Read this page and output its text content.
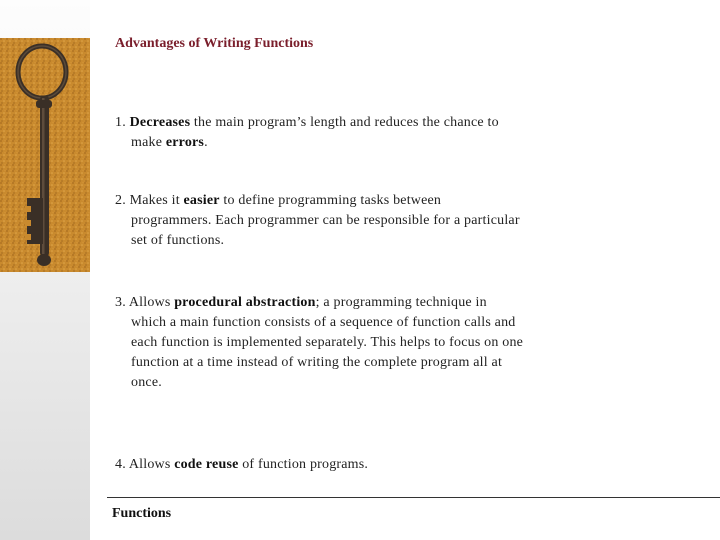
Advantages of Writing Functions
1. Decreases the main program’s length and reduces the chance to
make errors.
2. Makes it easier to define programming tasks between
programmers. Each programmer can be responsible for a particular
set of functions.
3. Allows procedural abstraction; a programming technique in
which a main function consists of a sequence of function calls and
each function is implemented separately. This helps to focus on one
function at a time instead of writing the complete program all at
once.
4. Allows code reuse of function programs.
Functions
